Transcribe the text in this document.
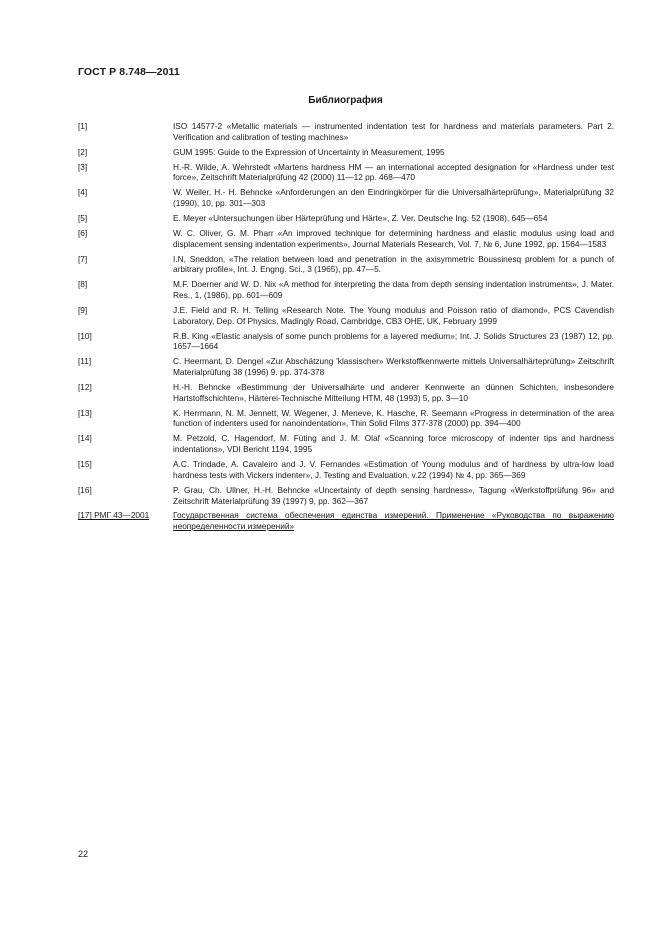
ГОСТ Р 8.748—2011
Библиография
[1]	ISO 14577-2 «Metallic materials — instrumented indentation test for hardness and materials parameters. Part 2. Verification and calibration of testing machines»
[2]	GUM 1995: Guide to the Expression of Uncertainty in Measurement, 1995
[3]	H.-R. Wilde, A. Wehrstedt «Martens hardness HM — an international accepted designation for «Hardness under test force», Zeitschrift Materialprüfung 42 (2000) 11—12 pp. 468—470
[4]	W. Weiler, H.- H. Behncke «Anforderungen an den Eindringkörper für die Universalhärteprüfung», Materialprüfung 32 (1990), 10, pp. 301—303
[5]	E. Meyer «Untersuchungen über Härteprüfung und Härte», Z. Ver. Deutsche Ing. 52 (1908), 645—654
[6]	W. C. Oliver, G. M. Pharr «An improved technique for determining hardness and elastic modulus using load and displacement sensing indentation experiments», Journal Materials Research, Vol. 7, № 6, June 1992, pp. 1564—1583
[7]	I.N, Sneddon, «The relation between load and penetration in the axisymmetric Boussinesq problem for a punch of arbitrary profile», Int. J. Engng. Sci., 3 (1965), pp. 47—5.
[8]	M.F. Doerner and W. D. Nix «A method for interpreting the data from depth sensing indentation instruments», J. Mater. Res., 1, (1986), pp. 601—609
[9]	J.E. Field and R. H. Telling «Research Note. The Young modulus and Poisson ratio of diamond», PCS Cavendish Laboratory, Dep. Of Physics, Madingly Road, Cambridge, CB3 OHE, UK, February 1999
[10]	R.B. King «Elastic analysis of some punch problems for a layered medium»; Int. J. Solids Structures 23 (1987) 12, pp. 1657—1664
[11]	C. Heermant, D. Dengel «Zur Abschätzung 'klassischer» Werkstoffkennwerte mittels Universalhärteprüfung» Zeitschrift Materialprüfung 38 (1996) 9. pp. 374-378
[12]	H.-H. Behncke «Bestimmung der Universalhärte und anderer Kennwerte an dünnen Schichten, insbesondere Hartstoffschichten», Härterei-Technische Mitteilung HTM, 48 (1993) 5, pp. 3—10
[13]	K. Herrmann, N. M. Jennett, W. Wegener, J. Meneve, K. Hasche, R. Seemann «Progress in determination of the area function of indenters used for nanoindentation», Thin Solid Films 377-378 (2000) pp. 394—400
[14]	M. Petzold, C. Hagendorf, M. Füting and J. M. Olaf «Scanning force microscopy of indenter tips and hardness indentations», VDI Bericht 1194, 1995
[15]	A.C. Trindade, A. Cavaleiro and J. V. Fernandes «Estimation of Young modulus and of hardness by ultra-low load hardness tests with Vickers indenter», J. Testing and Evaluation, v.22 (1994) № 4, pp. 365—369
[16]	P. Grau, Ch. Ullner, H.-H. Behncke «Uncertainty of depth sensing hardness», Tagung «Werkstoffprüfung 96» and Zeitschrift Materialprüfung 39 (1997) 9, pp. 362—367
[17] РМГ 43—2001	Государственная система обеспечения единства измерений. Применение «Руководства по выражению неопределенности измерений»
22
